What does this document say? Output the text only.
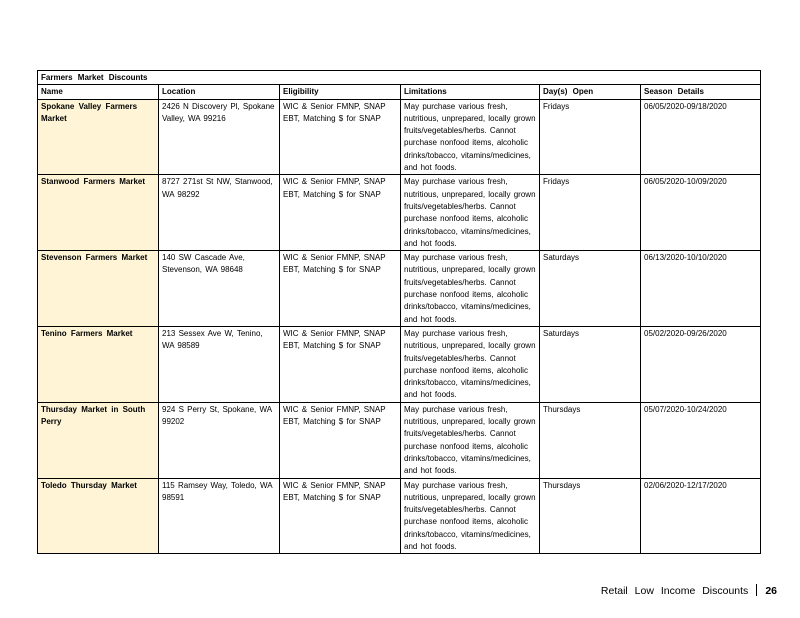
Farmers Market Discounts					
Name	Location	Eligibility	Limitations	Day(s) Open	Season Details
Spokane Valley Farmers Market	2426 N Discovery Pl, Spokane Valley, WA 99216	WIC & Senior FMNP, SNAP EBT, Matching $ for SNAP	May purchase various fresh, nutritious, unprepared, locally grown fruits/vegetables/herbs. Cannot purchase nonfood items, alcoholic drinks/tobacco, vitamins/medicines, and hot foods.	Fridays	06/05/2020-09/18/2020
Stanwood Farmers Market	8727 271st St NW, Stanwood, WA 98292	WIC & Senior FMNP, SNAP EBT, Matching $ for SNAP	May purchase various fresh, nutritious, unprepared, locally grown fruits/vegetables/herbs. Cannot purchase nonfood items, alcoholic drinks/tobacco, vitamins/medicines, and hot foods.	Fridays	06/05/2020-10/09/2020
Stevenson Farmers Market	140 SW Cascade Ave, Stevenson, WA 98648	WIC & Senior FMNP, SNAP EBT, Matching $ for SNAP	May purchase various fresh, nutritious, unprepared, locally grown fruits/vegetables/herbs. Cannot purchase nonfood items, alcoholic drinks/tobacco, vitamins/medicines, and hot foods.	Saturdays	06/13/2020-10/10/2020
Tenino Farmers Market	213 Sessex Ave W, Tenino, WA 98589	WIC & Senior FMNP, SNAP EBT, Matching $ for SNAP	May purchase various fresh, nutritious, unprepared, locally grown fruits/vegetables/herbs. Cannot purchase nonfood items, alcoholic drinks/tobacco, vitamins/medicines, and hot foods.	Saturdays	05/02/2020-09/26/2020
Thursday Market in South Perry	924 S Perry St, Spokane, WA 99202	WIC & Senior FMNP, SNAP EBT, Matching $ for SNAP	May purchase various fresh, nutritious, unprepared, locally grown fruits/vegetables/herbs. Cannot purchase nonfood items, alcoholic drinks/tobacco, vitamins/medicines, and hot foods.	Thursdays	05/07/2020-10/24/2020
Toledo Thursday Market	115 Ramsey Way, Toledo, WA 98591	WIC & Senior FMNP, SNAP EBT, Matching $ for SNAP	May purchase various fresh, nutritious, unprepared, locally grown fruits/vegetables/herbs. Cannot purchase nonfood items, alcoholic drinks/tobacco, vitamins/medicines, and hot foods.	Thursdays	02/06/2020-12/17/2020
Retail Low Income Discounts 26
